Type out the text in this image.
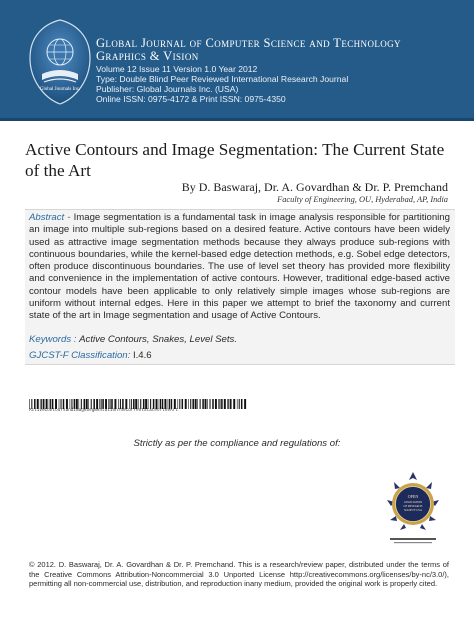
Global Journals Inc.
Global Journal of Computer Science and Technology
Graphics & Vision
Volume 12 Issue 11 Version 1.0 Year 2012
Type: Double Blind Peer Reviewed International Research Journal
Publisher: Global Journals Inc. (USA)
Online ISSN: 0975-4172 & Print ISSN: 0975-4350
Active Contours and Image Segmentation: The Current State of the Art
By D. Baswaraj, Dr. A. Govardhan & Dr. P. Premchand
Faculty of Engineering, OU, Hyderabad, AP, India
Abstract - Image segmentation is a fundamental task in image analysis responsible for partitioning an image into multiple sub-regions based on a desired feature. Active contours have been widely used as attractive image segmentation methods because they always produce sub-regions with continuous boundaries, while the kernel-based edge detection methods, e.g. Sobel edge detectors, often produce discontinuous boundaries. The use of level set theory has provided more flexibility and convenience in the implementation of active contours. However, traditional edge-based active contour models have been applicable to only relatively simple images whose sub-regions are uniform without internal edges. Here in this paper we attempt to brief the taxonomy and current state of the art in Image segmentation and usage of Active Contours.
Keywords : Active Contours, Snakes, Level Sets.
GJCST-F Classification: I.4.6
ActiveContoursandImageSegmentationTheCurrentStateoftheArt
Strictly as per the compliance and regulations of:
OPEN
ASSOCIATION
OF RESEARCH
SOCIETY USA
© 2012. D. Baswaraj, Dr. A. Govardhan & Dr. P. Premchand. This is a research/review paper, distributed under the terms of the Creative Commons Attribution-Noncommercial 3.0 Unported License http://creativecommons.org/licenses/by-nc/3.0/), permitting all non-commercial use, distribution, and reproduction inany medium, provided the original work is properly cited.
